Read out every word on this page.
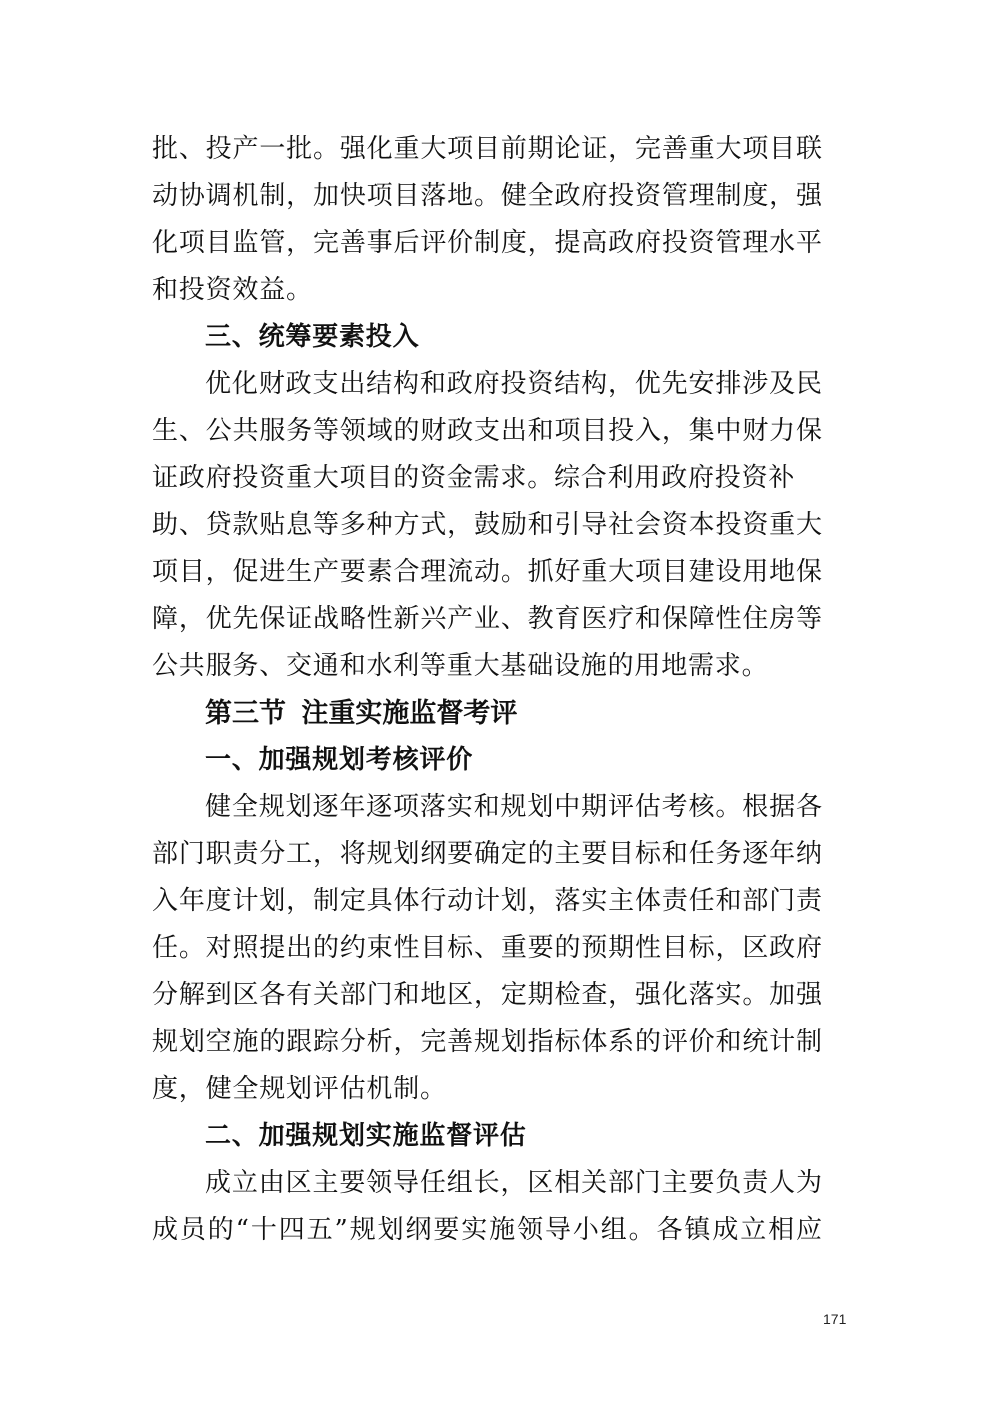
批、投产一批。强化重大项目前期论证，完善重大项目联
动协调机制，加快项目落地。健全政府投资管理制度，强
化项目监管，完善事后评价制度，提高政府投资管理水平
和投资效益。
三、统筹要素投入
优化财政支出结构和政府投资结构，优先安排涉及民
生、公共服务等领域的财政支出和项目投入，集中财力保
证政府投资重大项目的资金需求。综合利用政府投资补
助、贷款贴息等多种方式，鼓励和引导社会资本投资重大
项目，促进生产要素合理流动。抓好重大项目建设用地保
障，优先保证战略性新兴产业、教育医疗和保障性住房等
公共服务、交通和水利等重大基础设施的用地需求。
第三节 注重实施监督考评
一、加强规划考核评价
健全规划逐年逐项落实和规划中期评估考核。根据各
部门职责分工，将规划纲要确定的主要目标和任务逐年纳
入年度计划，制定具体行动计划，落实主体责任和部门责
任。对照提出的约束性目标、重要的预期性目标，区政府
分解到区各有关部门和地区，定期检查，强化落实。加强
规划空施的跟踪分析，完善规划指标体系的评价和统计制
度，健全规划评估机制。
二、加强规划实施监督评估
成立由区主要领导任组长，区相关部门主要负责人为
成员的“十四五”规划纲要实施领导小组。各镇成立相应
171
